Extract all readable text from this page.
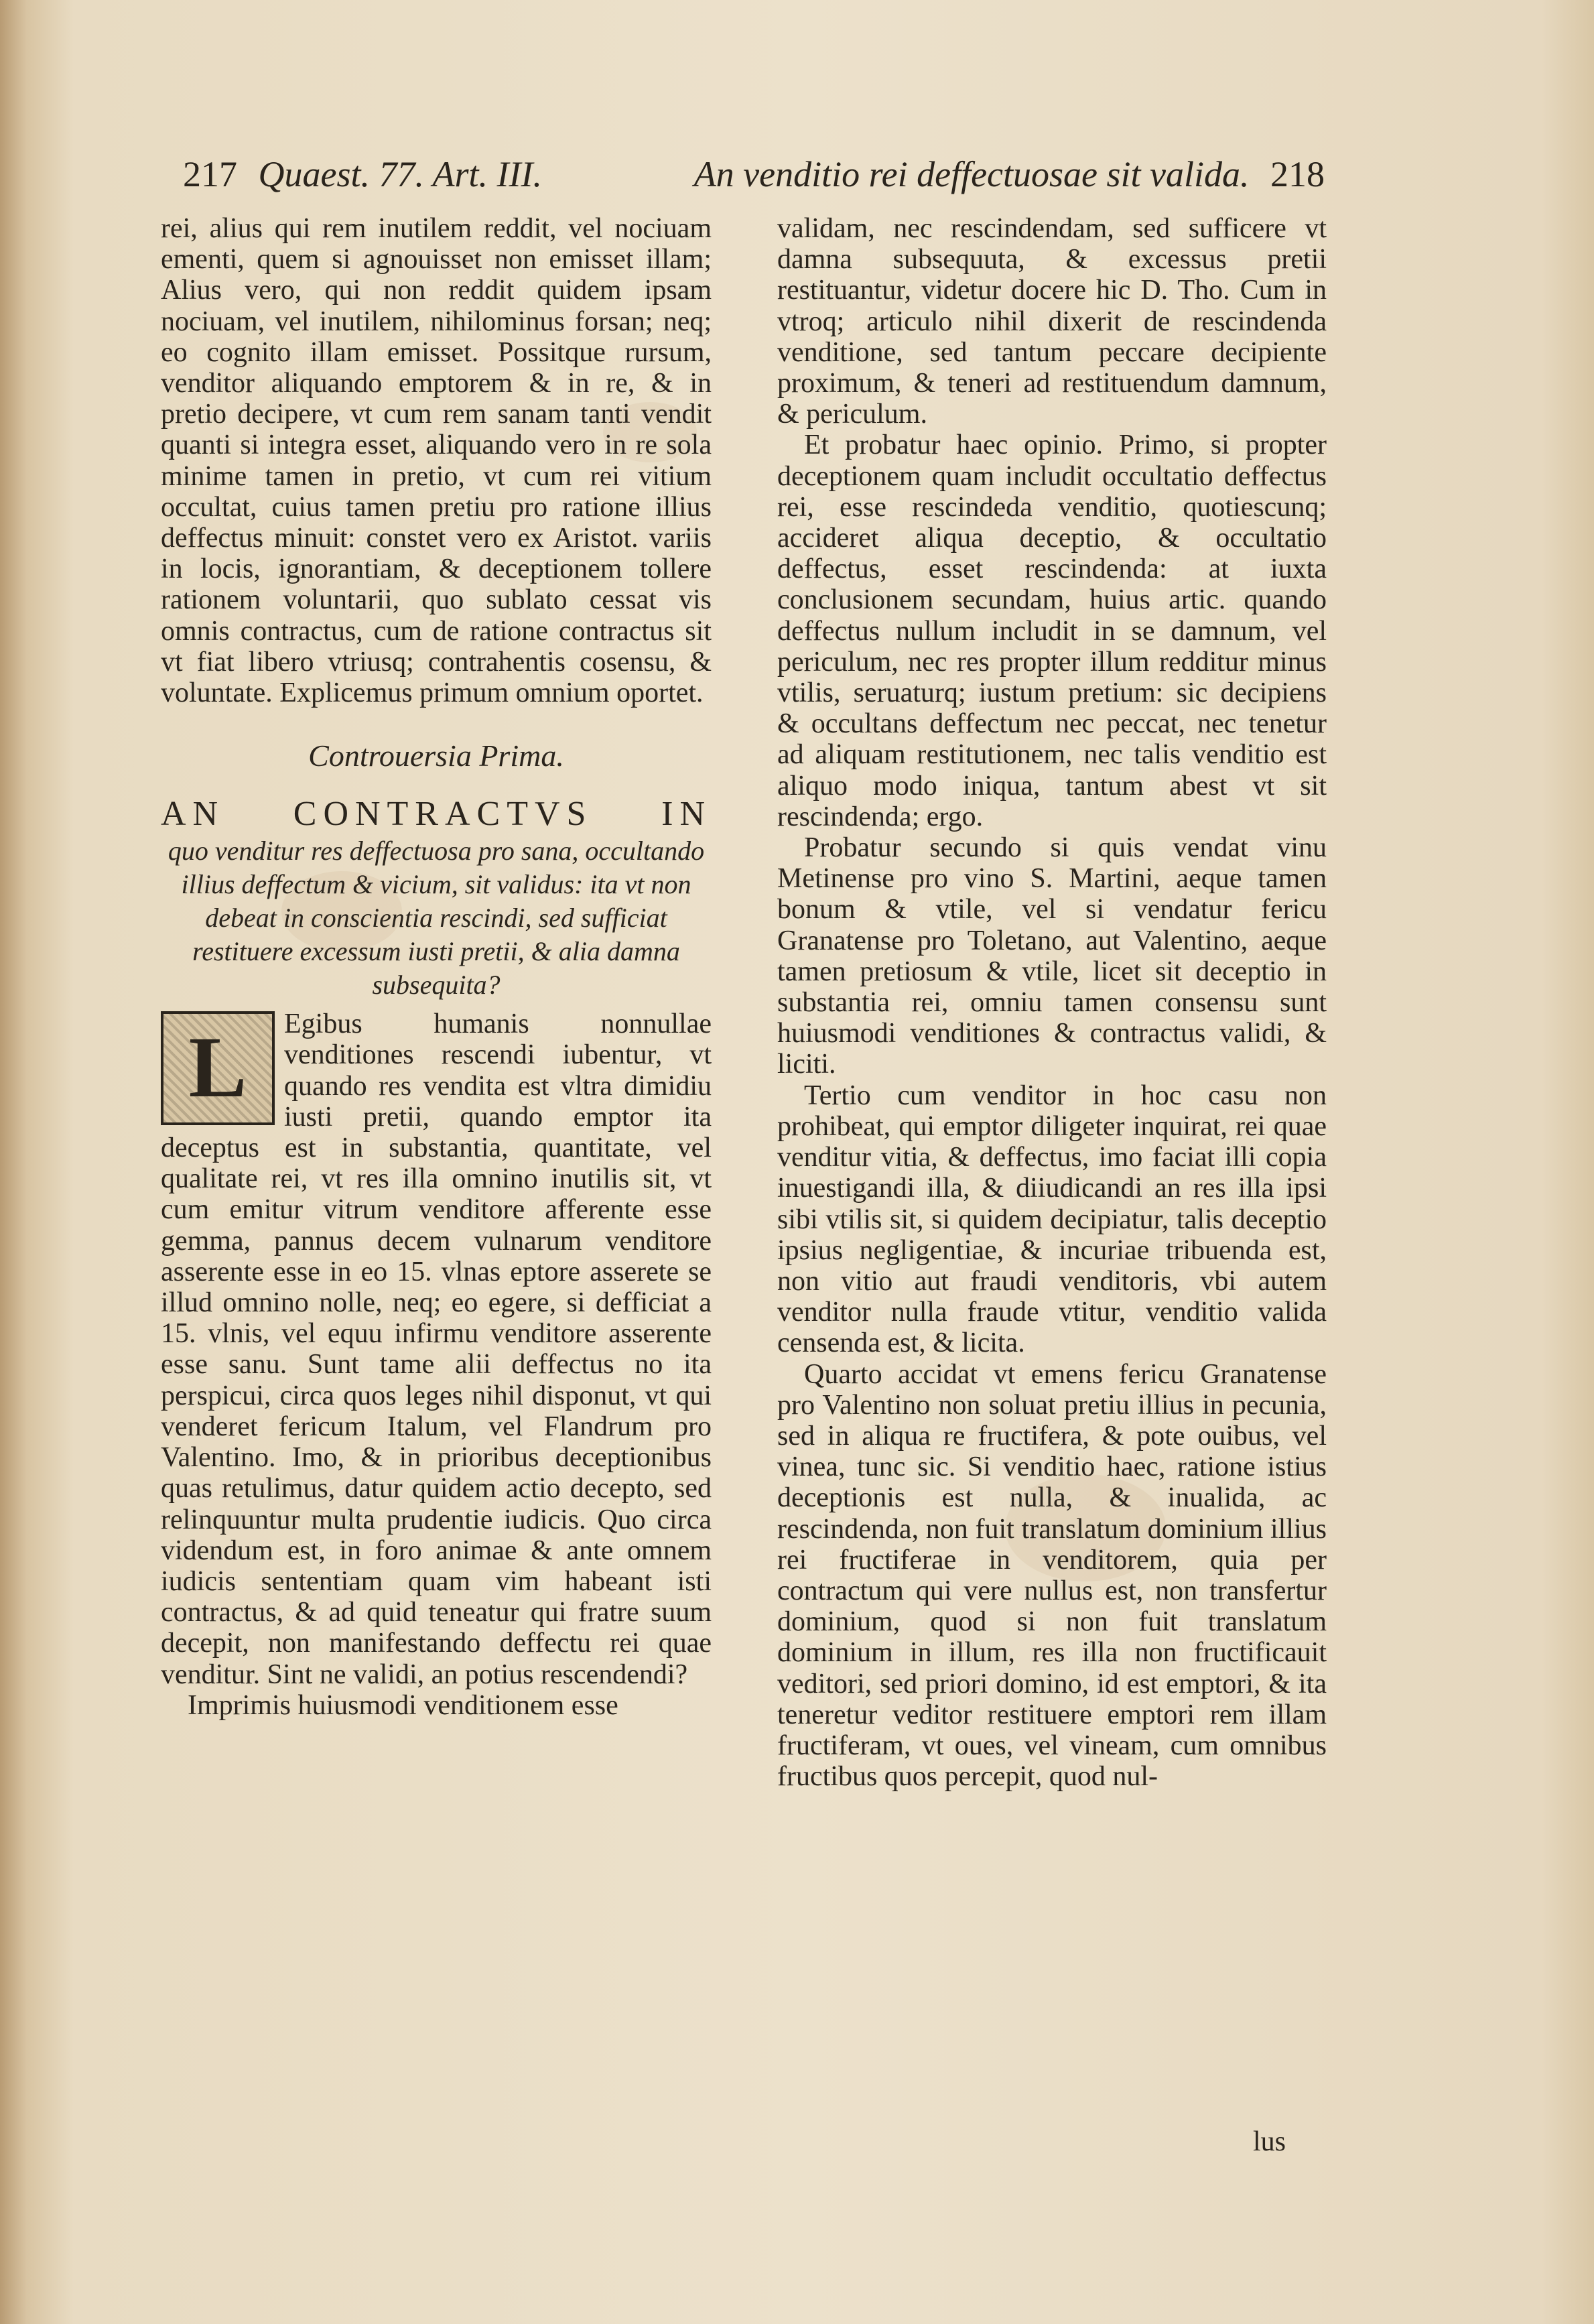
217 Quaest. 77. Art. III.	An venditio rei deffectuosae sit valida. 218

rei, alius qui rem inutilem reddit, vel nociuam ementi, quem si agnouisset non emisset illam; Alius vero, qui non reddit quidem ipsam nociuam, vel inutilem, nihilominus forsan; neq; eo cognito illam emisset. Possitque rursum, venditor aliquando emptorem & in re, & in pretio decipere, vt cum rem sanam tanti vendit quanti si integra esset, aliquando vero in re sola minime tamen in pretio, vt cum rei vitium occultat, cuius tamen pretiu pro ratione illius deffectus minuit: constet vero ex Aristot. variis in locis, ignorantiam, & deceptionem tollere rationem voluntarii, quo sublato cessat vis omnis contractus, cum de ratione contractus sit vt fiat libero vtriusq; contrahentis cosensu, & voluntate. Explicemus primum omnium oportet.

Controuersia Prima.

AN CONTRACTVS IN

quo venditur res deffectuosa pro sana, occultando illius deffectum & vicium, sit validus: ita vt non debeat in conscientia rescindi, sed sufficiat restituere excessum iusti pretii, & alia damna subsequita?

L	Egibus humanis nonnullae venditiones rescendi iubentur, vt quando res vendita est vltra dimidiu iusti pretii, quando emptor ita deceptus est in substantia, quantitate, vel qualitate rei, vt res illa omnino inutilis sit, vt cum emitur vitrum venditore afferente esse gemma, pannus decem vulnarum venditore asserente esse in eo 15. vlnas eptore asserete se illud omnino nolle, neq; eo egere, si defficiat a 15. vlnis, vel equu infirmu venditore asserente esse sanu. Sunt tame alii deffectus no ita perspicui, circa quos leges nihil disponut, vt qui venderet fericum Italum, vel Flandrum pro Valentino. Imo, & in prioribus deceptionibus quas retulimus, datur quidem actio decepto, sed relinquuntur multa prudentie iudicis. Quo circa videndum est, in foro animae & ante omnem iudicis sententiam quam vim habeant isti contractus, & ad quid teneatur qui fratre suum decepit, non manifestando deffectu rei quae venditur. Sint ne validi, an potius rescendendi?

Imprimis huiusmodi venditionem esse

validam, nec rescindendam, sed sufficere vt damna subsequuta, & excessus pretii restituantur, videtur docere hic D. Tho. Cum in vtroq; articulo nihil dixerit de rescindenda venditione, sed tantum peccare decipiente proximum, & teneri ad restituendum damnum, & periculum.

Et probatur haec opinio. Primo, si propter deceptionem quam includit occultatio deffectus rei, esse rescindeda venditio, quotiescunq; accideret aliqua deceptio, & occultatio deffectus, esset rescindenda: at iuxta conclusionem secundam, huius artic. quando deffectus nullum includit in se damnum, vel periculum, nec res propter illum redditur minus vtilis, seruaturq; iustum pretium: sic decipiens & occultans deffectum nec peccat, nec tenetur ad aliquam restitutionem, nec talis venditio est aliquo modo iniqua, tantum abest vt sit rescindenda; ergo.

Probatur secundo si quis vendat vinu Metinense pro vino S. Martini, aeque tamen bonum & vtile, vel si vendatur fericu Granatense pro Toletano, aut Valentino, aeque tamen pretiosum & vtile, licet sit deceptio in substantia rei, omniu tamen consensu sunt huiusmodi venditiones & contractus validi, & liciti.

Tertio cum venditor in hoc casu non prohibeat, qui emptor diligeter inquirat, rei quae venditur vitia, & deffectus, imo faciat illi copia inuestigandi illa, & diiudicandi an res illa ipsi sibi vtilis sit, si quidem decipiatur, talis deceptio ipsius negligentiae, & incuriae tribuenda est, non vitio aut fraudi venditoris, vbi autem venditor nulla fraude vtitur, venditio valida censenda est, & licita.

Quarto accidat vt emens fericu Granatense pro Valentino non soluat pretiu illius in pecunia, sed in aliqua re fructifera, & pote ouibus, vel vinea, tunc sic. Si venditio haec, ratione istius deceptionis est nulla, & inualida, ac rescindenda, non fuit translatum dominium illius rei fructiferae in venditorem, quia per contractum qui vere nullus est, non transfertur dominium, quod si non fuit translatum dominium in illum, res illa non fructificauit veditori, sed priori domino, id est emptori, & ita teneretur veditor restituere emptori rem illam fructiferam, vt oues, vel vineam, cum omnibus fructibus quos percepit, quod nul-

lus
